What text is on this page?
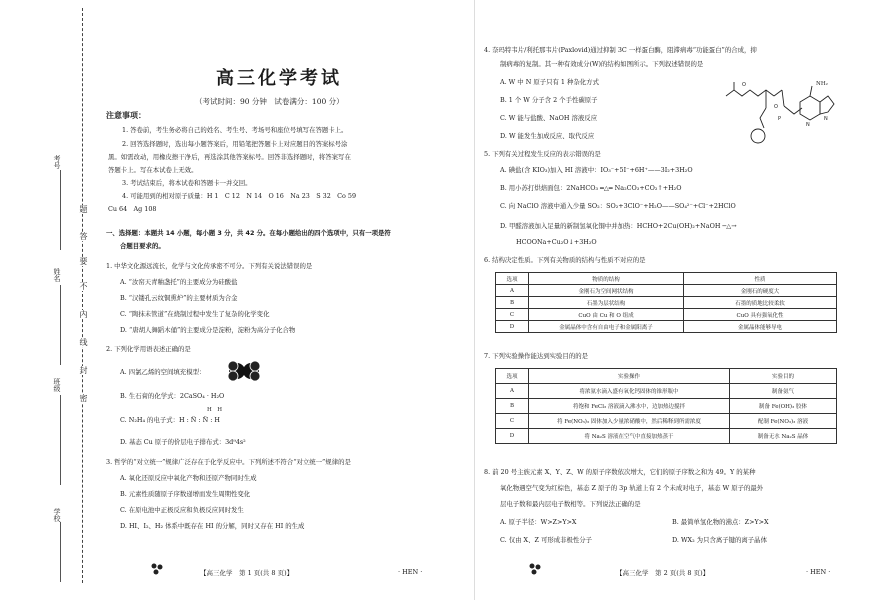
考号
姓名
班级
学校
题
答
要
不
内
线
封
密
高三化学考试
（考试时间：90 分钟　试卷满分：100 分）
注意事项：
1. 答卷前，考生务必将自己的姓名、考生号、考场号和座位号填写在答题卡上。
2. 回答选择题时，选出每小题答案后，用铅笔把答题卡上对应题目的答案标号涂
黑。如需改动，用橡皮擦干净后，再选涂其他答案标号。回答非选择题时，将答案写在
答题卡上。写在本试卷上无效。
3. 考试结束后，将本试卷和答题卡一并交回。
4. 可能用到的相对原子质量：H 1　C 12　N 14　O 16　Na 23　S 32　Co 59
Cu 64　Ag 108
一、选择题：本题共 14 小题，每小题 3 分，共 42 分。在每小题给出的四个选项中，只有一项是符
合题目要求的。
1. 中华文化源远流长，化学与文化传承密不可分。下列有关说法错误的是
A. “汝窑天青釉盏托”的主要成分为硅酸盐
B. “汉镂孔云纹铜熏炉”的主要材质为合金
C. “陶抹未管道”在烧制过程中发生了复杂的化学变化
D. “唐胡人舞蹈木俑”的主要成分是淀粉，淀粉为高分子化合物
2. 下列化学用语表述正确的是
A. 四氯乙烯的空间填充模型：
B. 生石膏的化学式：2CaSO₄ · H₂O
H　H
C. N₂H₄ 的电子式：H : N̈ : N̈ : H
D. 基态 Cu 原子的价层电子排布式：3d⁹4s²
3. 哲学的“对立统一”规律广泛存在于化学反应中。下列所述不符合“对立统一”规律的是
A. 氧化还原反应中氧化产物和还原产物同时生成
B. 元素性质随原子序数递增而发生周期性变化
C. 在原电池中正极反应和负极反应同时发生
D. HI、I₂、H₂ 体系中既存在 HI 的分解，同时又存在 HI 的生成
【高三化学　第 1 页(共 8 页)】	· HEN ·
4. 奈玛特韦片/利托那韦片(Paxlovid)通过抑制 3C 一样蛋白酶，阻滞病毒“功能蛋白”的合成，抑
制病毒的复制。其一种有效成分(W)的结构如图所示。下列叙述错误的是
A. W 中 N 原子只有 1 种杂化方式
B. 1 个 W 分子含 2 个手性碳原子
C. W 能与盐酸、NaOH 溶液反应
D. W 能发生加成反应、取代反应
O
O
P
N
N
NH₂
5. 下列有关过程发生反应的表示错误的是
A. 碘盐(含 KIO₃)加入 HI 溶液中：IO₃⁻+5I⁻+6H⁺——3I₂+3H₂O
B. 用小苏打烘焙面包：2NaHCO₃ ═△═ Na₂CO₃+CO₂↑+H₂O
C. 向 NaClO 溶液中通入少量 SO₂：SO₂+3ClO⁻+H₂O——SO₄²⁻+Cl⁻+2HClO
D. 甲醛溶液加入足量的新制氢氧化铜中并加热：HCHO+2Cu(OH)₂+NaOH ─△→
HCOONa+Cu₂O↓+3H₂O
6. 结构决定性质。下列有关物质的结构与性质不对应的是
选项	物质的结构	性质
A	金刚石为空间网状结构	金刚石的硬度大
B	石墨为层状结构	石墨的质地比较柔软
C	CuO 由 Cu 和 O 组成	CuO 具有强氧化性
D	金属晶体中含有自由电子和金属阳离子	金属晶体能够导电
7. 下列实验操作能达到实验目的的是
选项	实验操作	实验目的
A	将浓氨水滴入盛有氧化钙固体的锥形瓶中	制备氨气
B	将饱和 FeCl₃ 溶液滴入沸水中，边加热边搅拌	制备 Fe(OH)₃ 胶体
C	将 Fe(NO₃)₃ 固体加入少量浓硝酸中，然后稀释到所需浓度	配制 Fe(NO₃)₃ 溶液
D	将 Na₂S 溶液在空气中直接加热蒸干	制备无水 Na₂S 晶体
8. 前 20 号主族元素 X、Y、Z、W 的原子序数依次增大，它们的原子序数之和为 49。Y 的某种
氧化物遇空气变为红棕色，基态 Z 原子的 3p 轨道上有 2 个未成对电子，基态 W 原子的最外
层电子数和最内层电子数相等。下列说法正确的是
A. 原子半径：W>Z>Y>X	B. 最简单氢化物的沸点：Z>Y>X
C. 仅由 X、Z 可形成非极性分子	D. WX₂ 为只含离子键的离子晶体
【高三化学　第 2 页(共 8 页)】	· HEN ·
